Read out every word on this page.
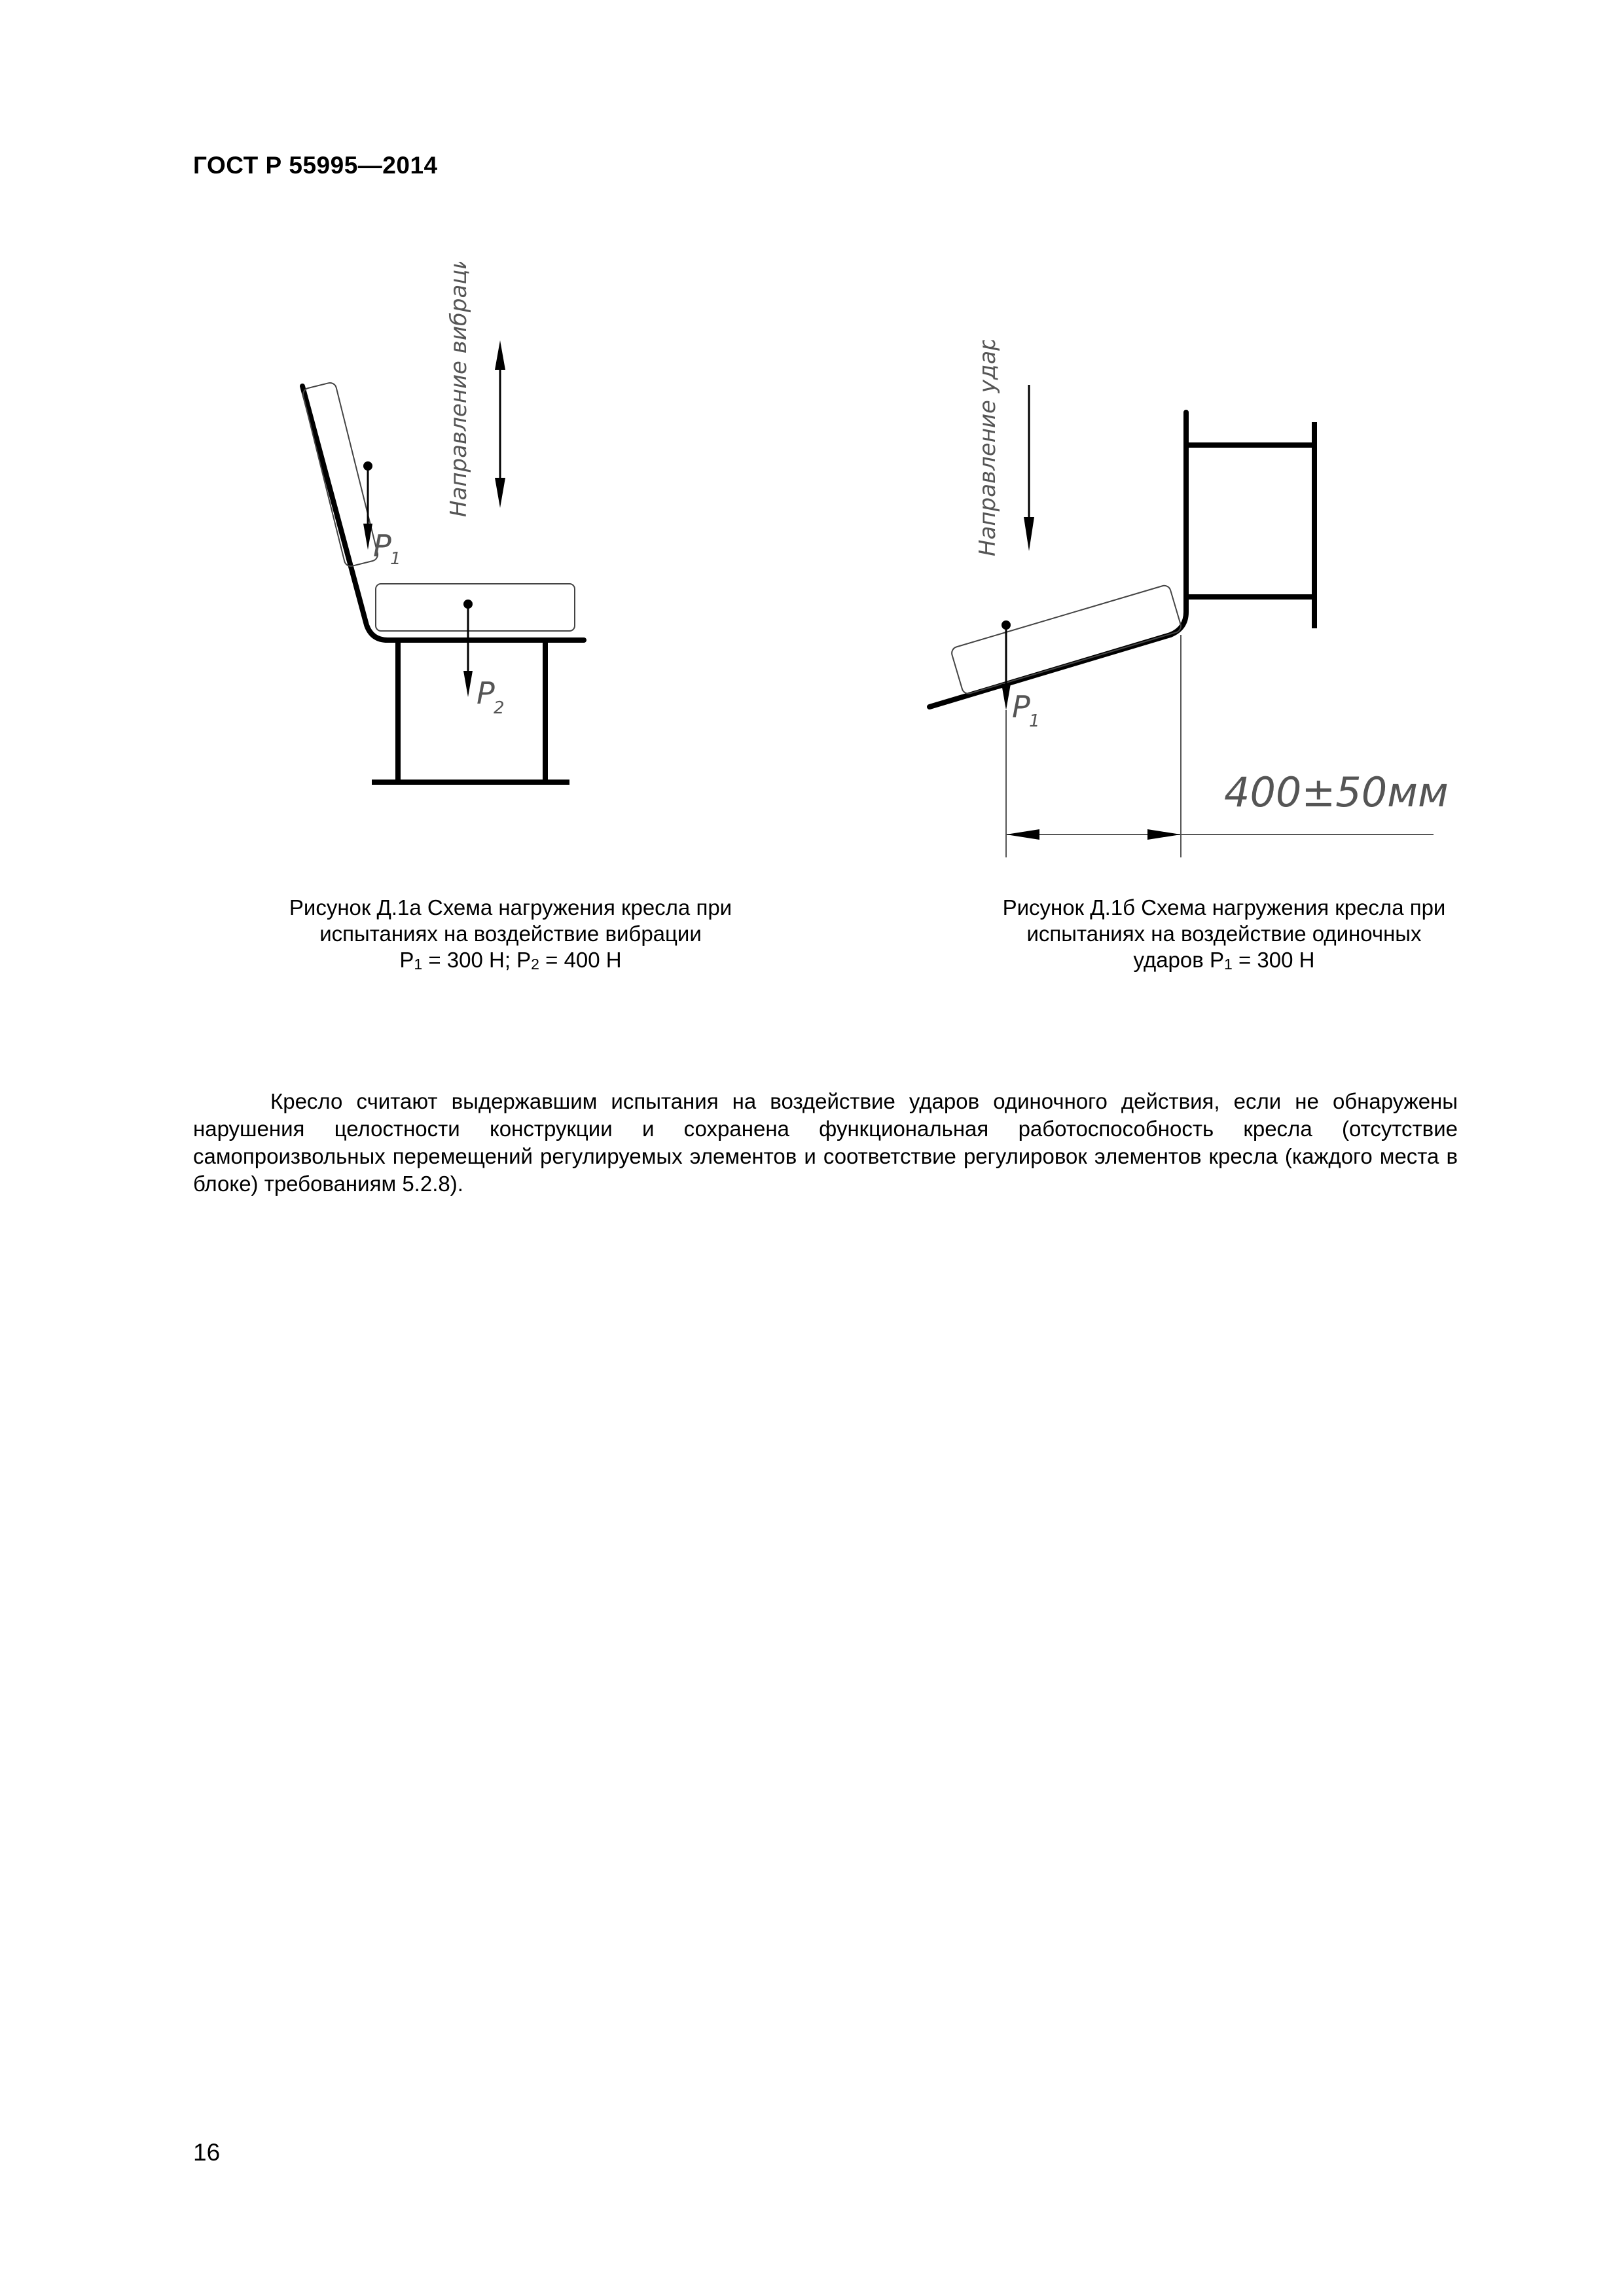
ГОСТ Р 55995—2014
P
1
P
2
Направление вибрации
Рисунок Д.1а Схема нагружения кресла при
испытаниях на воздействие вибрации
$P_1 = 300$ Н; $P_2 = 400$ Н
Направление удара
P
1
400±50мм
Рисунок Д.1б Схема нагружения кресла при
испытаниях на воздействие одиночных
ударов $P_1 = 300$ Н
Кресло считают выдержавшим испытания на воздействие ударов одиночного действия, если не обнаружены нарушения целостности конструкции и сохранена функциональная работоспособность кресла (отсутствие самопроизвольных перемещений регулируемых элементов и соответствие регулировок элементов кресла (каждого места в блоке) требованиям 5.2.8).
16
